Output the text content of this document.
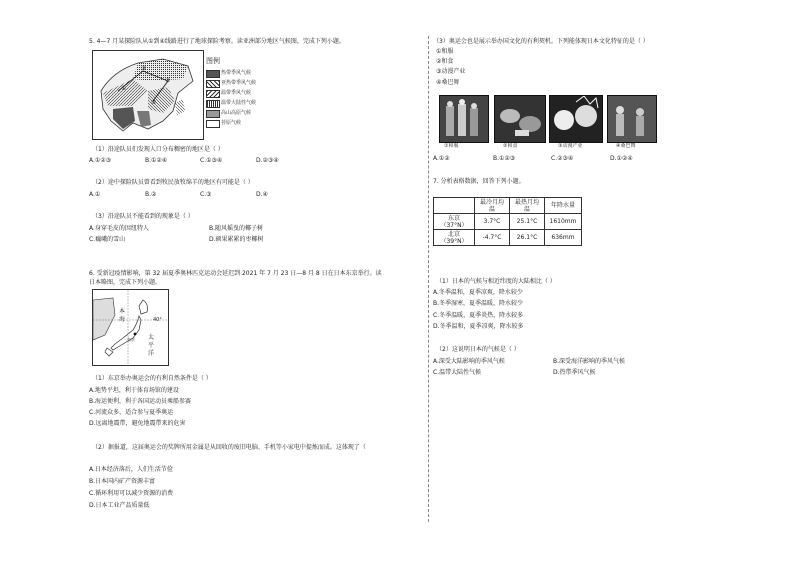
5. 4—7 月某探险队从①到④线路进行了地球探险考察。读亚洲部分地区气候图，完成下列小题。
①
②
③
④
图例
热带季风气候
亚热带季风气候
温带季风气候
温带大陆性气候
高山高原气候
苔原气候
（1）沿途队员们发现人口分布稠密的地区是（ ）
A.①②③	B.①②④	C.①③④	D.②③④
（2）途中探险队员曾看到牧民放牧绵羊的地区有可能是（ ）
A.①	B.②	C.③	D.④
（3）沿途队员不能看到的现象是（ ）
A.身穿毛皮的因纽特人	B.随风摇曳的椰子树
C.巍峨的雪山	D.硕果累累的枣椰树
6. 受新冠疫情影响，第 32 届夏季奥林匹克运动会延迟到 2021 年 7 月 23 日—8 月 8 日在日本东京举行。读
日本略图，完成下列小题。
本
海
太
平
洋
40°
东京
（1）东京举办奥运会的有利自然条件是（ ）
A.地势平坦，利于体育场馆的建设
B.海运便利，利于各国运动员乘船参赛
C.河流众多，适合参与夏季奥运
D.远离地震带，避免地震带来的危害
（2）据报道，这届奥运会的奖牌所用金属是从回收的废旧电脑、手机等小家电中提炼而成。这体现了（
A.日本经济落后，人们生活节俭
B.日本国内矿产资源丰富
C.循环利用可以减少资源的消费
D.日本工业产品质量低
（3）奥运会也是展示举办国文化的有利契机。下列能体现日本文化特征的是（ ）
①和服
②和食
③动漫产业
④桑巴舞
①和服	②和食	③动漫产业	④桑巴舞
A.①②	B.①②③	C.②③④	D.①②④
7. 分析表格数据，回答下列小题。
	最冷月均温	最热月均温	年降水量
东京（37°N）	3.7°C	25.1°C	1610mm
北京（39°N）	-4.7°C	26.1°C	636mm
（1）日本的气候与相近纬度的大陆相比（ ）
A.冬季温和，夏季凉爽，降水较少
B.冬季湿寒，夏季温暖，降水较少
C.冬季温暖，夏季炎热，降水较多
D.冬季温和，夏季凉爽，降水较多
（2）这说明日本的气候是（ ）
A.深受大陆影响的季风气候	B.深受海洋影响的季风气候
C.温带大陆性气候	D.热带季风气候
